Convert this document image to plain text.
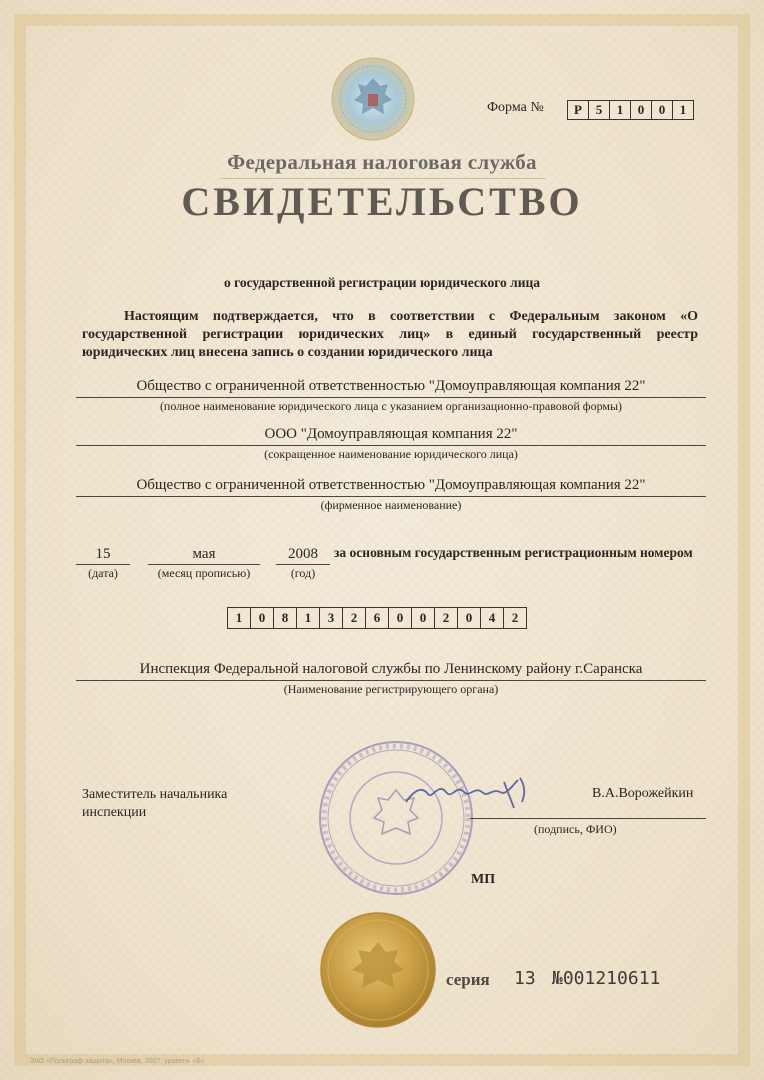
Форма №	Р	5	1	0	0	1
Федеральная налоговая служба
СВИДЕТЕЛЬСТВО
о государственной регистрации юридического лица
Настоящим подтверждается, что в соответствии с Федеральным законом «О государственной регистрации юридических лиц» в единый государственный реестр юридических лиц внесена запись о создании юридического лица
Общество с ограниченной ответственностью "Домоуправляющая компания 22"
(полное наименование юридического лица с указанием организационно-правовой формы)
ООО "Домоуправляющая компания 22"
(сокращенное наименование юридического лица)
Общество с ограниченной ответственностью "Домоуправляющая компания 22"
(фирменное наименование)
15
(дата)
мая
(месяц прописью)
2008
(год)
за основным государственным регистрационным номером
1	0	8	1	3	2	6	0	0	2	0	4	2
Инспекция Федеральной налоговой службы по Ленинскому району г.Саранска
(Наименование регистрирующего органа)
Заместитель начальника инспекции
В.А.Ворожейкин
(подпись, ФИО)
МП
серия 13 №001210611
ЗАО «Полиграф-защита», Москва, 2007, уровень «Б»
